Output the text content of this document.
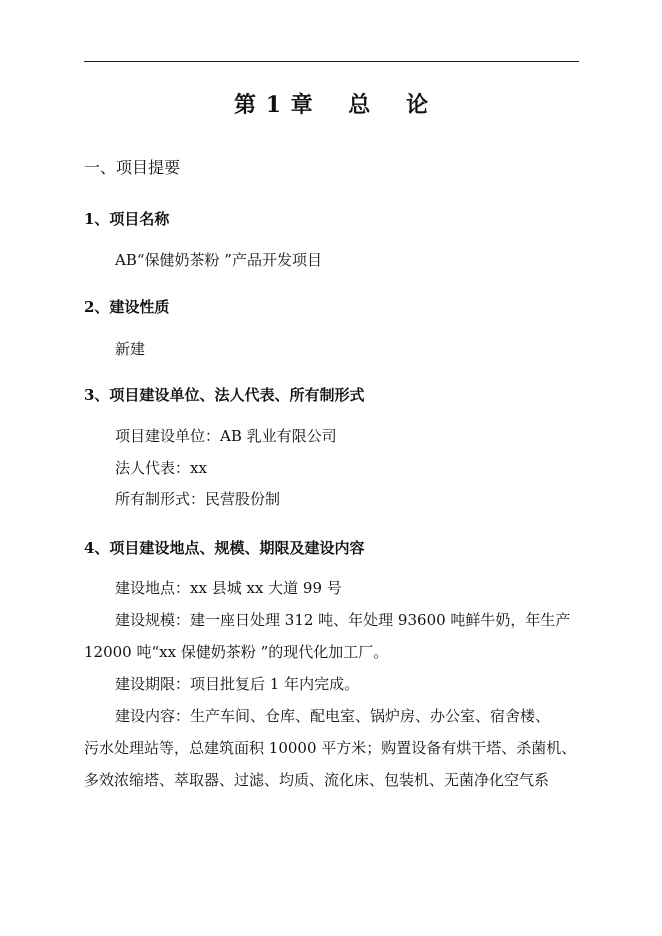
第 1 章    总    论
一、项目提要
1、项目名称
AB“保健奶茶粉 ”产品开发项目
2、建设性质
新建
3、项目建设单位、法人代表、所有制形式
项目建设单位：AB 乳业有限公司
法人代表：xx
所有制形式：民营股份制
4、项目建设地点、规模、期限及建设内容
建设地点：xx 县城 xx 大道 99 号
建设规模：建一座日处理 312 吨、年处理 93600 吨鲜牛奶，年生产
12000 吨“xx 保健奶茶粉 ”的现代化加工厂。
建设期限：项目批复后 1 年内完成。
建设内容：生产车间、仓库、配电室、锅炉房、办公室、宿舍楼、
污水处理站等，总建筑面积 10000 平方米；购置设备有烘干塔、杀菌机、
多效浓缩塔、萃取器、过滤、均质、流化床、包装机、无菌净化空气系
